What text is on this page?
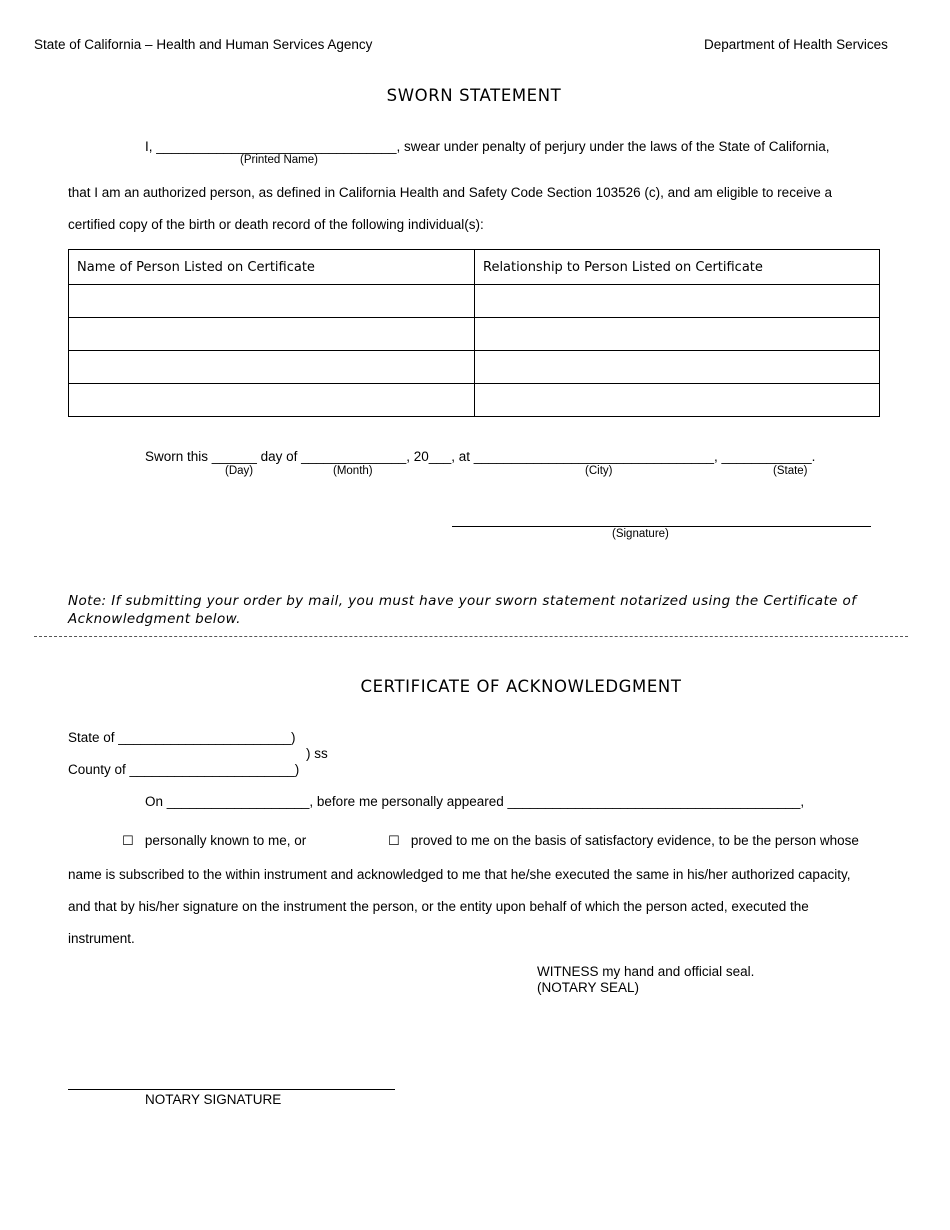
State of California – Health and Human Services Agency	Department of Health Services
SWORN STATEMENT
I, ________________________________, swear under penalty of perjury under the laws of the State of California,
(Printed Name)
that I am an authorized person, as defined in California Health and Safety Code Section 103526 (c), and am eligible to receive a
certified copy of the birth or death record of the following individual(s):
Name of Person Listed on Certificate	Relationship to Person Listed on Certificate

Sworn this ______ day of ______________, 20___, at ________________________________, ____________.
(Day)	(Month)	(City)	(State)
(Signature)
Note: If submitting your order by mail, you must have your sworn statement notarized using the Certificate of
Acknowledgment below.
CERTIFICATE OF ACKNOWLEDGMENT
State of _______________________)
) ss
County of ______________________)
On ___________________, before me personally appeared _______________________________________,
☐ personally known to me, or	☐ proved to me on the basis of satisfactory evidence, to be the person whose
name is subscribed to the within instrument and acknowledged to me that he/she executed the same in his/her authorized capacity,
and that by his/her signature on the instrument the person, or the entity upon behalf of which the person acted, executed the
instrument.
WITNESS my hand and official seal.
(NOTARY SEAL)
NOTARY SIGNATURE
